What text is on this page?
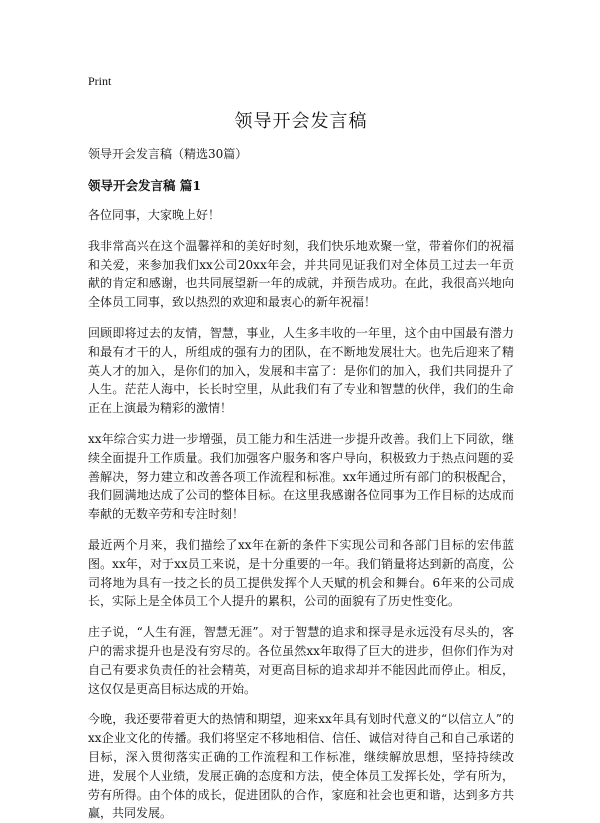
Print
领导开会发言稿

领导开会发言稿（精选30篇）

领导开会发言稿 篇1

各位同事，大家晚上好！

我非常高兴在这个温馨祥和的美好时刻，我们快乐地欢聚一堂，带着你们的祝福和关爱，来参加我们xx公司20xx年会，并共同见证我们对全体员工过去一年贡献的肯定和感谢，也共同展望新一年的成就，并预告成功。在此，我很高兴地向全体员工同事，致以热烈的欢迎和最衷心的新年祝福！

回顾即将过去的友情，智慧，事业，人生多丰收的一年里，这个由中国最有潜力和最有才干的人，所组成的强有力的团队，在不断地发展壮大。也先后迎来了精英人才的加入，是你们的加入，发展和丰富了：是你们的加入，我们共同提升了人生。茫茫人海中，长长时空里，从此我们有了专业和智慧的伙伴，我们的生命正在上演最为精彩的激情！

xx年综合实力进一步增强，员工能力和生活进一步提升改善。我们上下同欲，继续全面提升工作质量。我们加强客户服务和客户导向，积极致力于热点问题的妥善解决，努力建立和改善各项工作流程和标准。xx年通过所有部门的积极配合，我们圆满地达成了公司的整体目标。在这里我感谢各位同事为工作目标的达成而奉献的无数辛劳和专注时刻！

最近两个月来，我们描绘了xx年在新的条件下实现公司和各部门目标的宏伟蓝图。xx年，对于xx员工来说，是十分重要的一年。我们销量将达到新的高度，公司将地为具有一技之长的员工提供发挥个人天赋的机会和舞台。6年来的公司成长，实际上是全体员工个人提升的累积，公司的面貌有了历史性变化。

庄子说，“人生有涯，智慧无涯”。对于智慧的追求和探寻是永远没有尽头的，客户的需求提升也是没有穷尽的。各位虽然xx年取得了巨大的进步，但你们作为对自己有要求负责任的社会精英，对更高目标的追求却并不能因此而停止。相反，这仅仅是更高目标达成的开始。

今晚，我还要带着更大的热情和期望，迎来xx年具有划时代意义的“以信立人”的xx企业文化的传播。我们将坚定不移地相信、信任、诚信对待自己和自己承诺的目标，深入贯彻落实正确的工作流程和工作标准，继续解放思想，坚持持续改进，发展个人业绩，发展正确的态度和方法，使全体员工发挥长处，学有所为，劳有所得。由个体的成长，促进团队的合作，家庭和社会也更和谐，达到多方共赢，共同发展。
